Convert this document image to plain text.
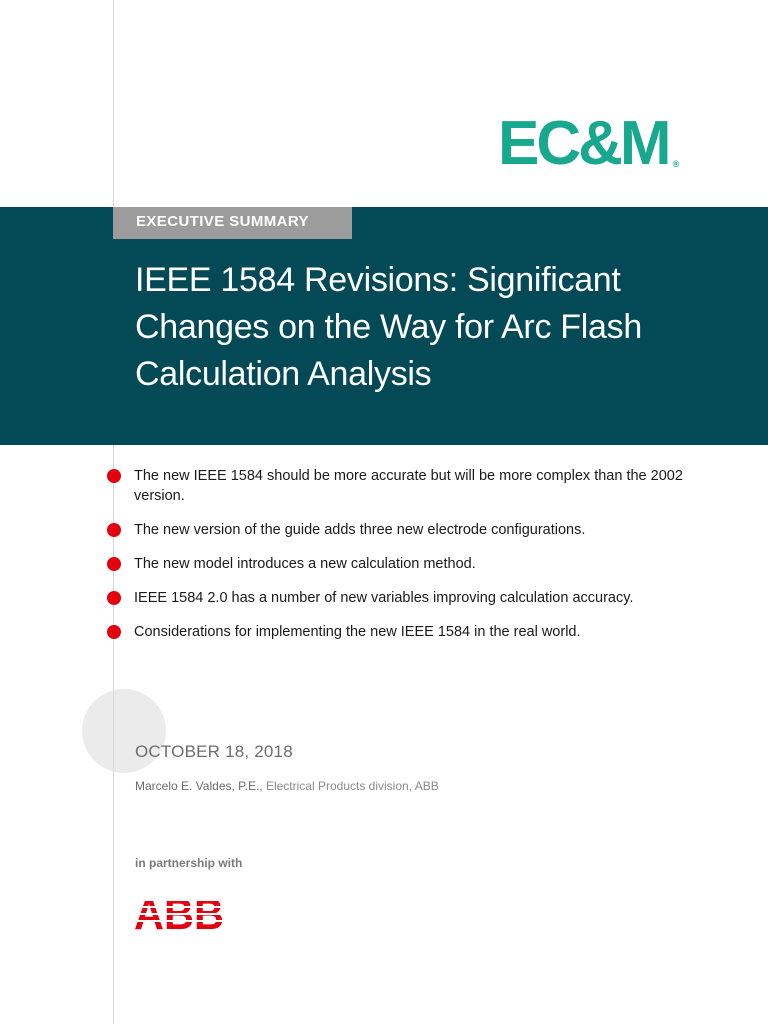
EC&M ®
EXECUTIVE SUMMARY
IEEE 1584 Revisions: Significant Changes on the Way for Arc Flash Calculation Analysis
The new IEEE 1584 should be more accurate but will be more complex than the 2002 version.
The new version of the guide adds three new electrode configurations.
The new model introduces a new calculation method.
IEEE 1584 2.0 has a number of new variables improving calculation accuracy.
Considerations for implementing the new IEEE 1584 in the real world.
OCTOBER 18, 2018
Marcelo E. Valdes, P.E., Electrical Products division, ABB
in partnership with
